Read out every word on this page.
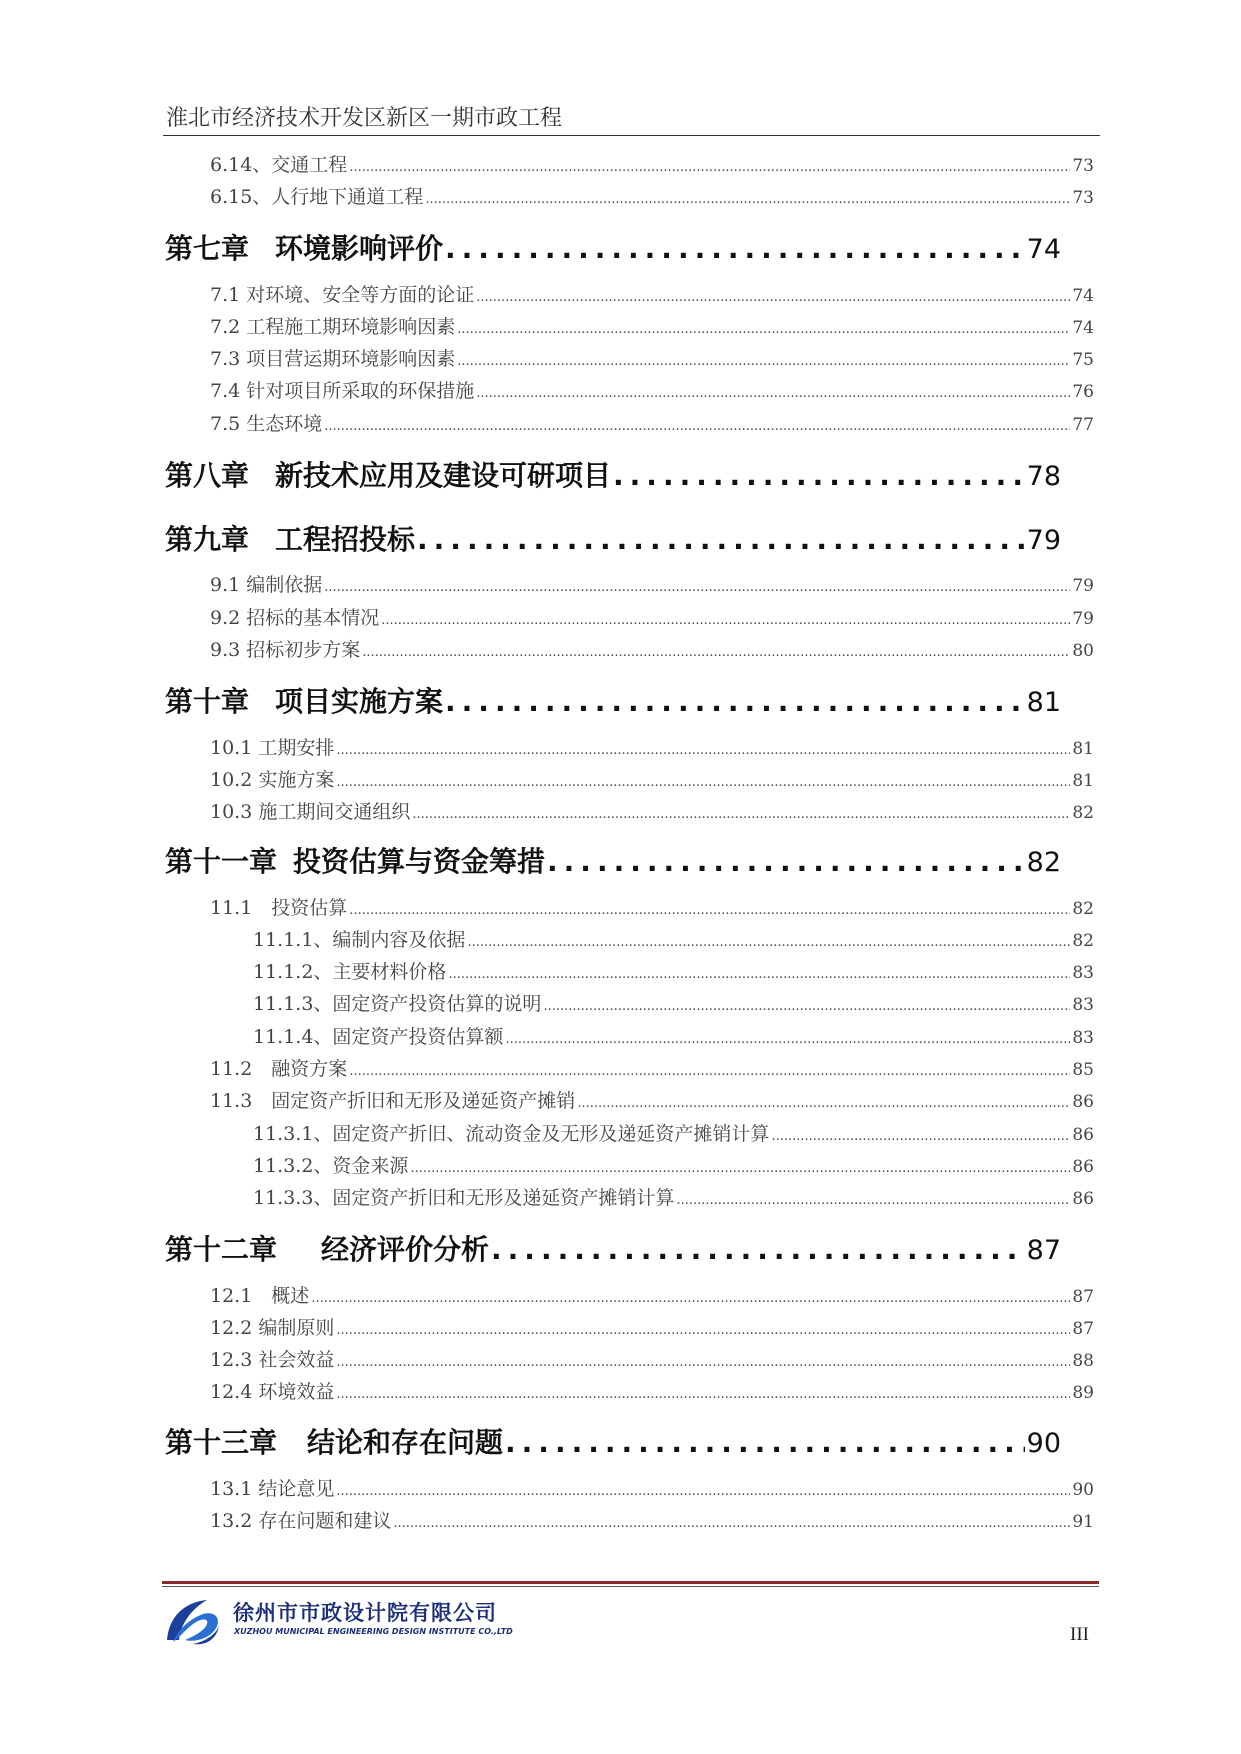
淮北市经济技术开发区新区一期市政工程
6.14、交通工程 .....	73
6.15、人行地下通道工程 .....	73
第七章 环境影响评价 .....	74
7.1 对环境、安全等方面的论证 .....	74
7.2 工程施工期环境影响因素 .....	74
7.3 项目营运期环境影响因素 .....	75
7.4 针对项目所采取的环保措施 .....	76
7.5 生态环境 .....	77
第八章 新技术应用及建设可研项目 .....	78
第九章 工程招投标 .....	79
9.1 编制依据 .....	79
9.2 招标的基本情况 .....	79
9.3 招标初步方案 .....	80
第十章 项目实施方案 .....	81
10.1 工期安排 .....	81
10.2 实施方案 .....	81
10.3 施工期间交通组织 .....	82
第十一章 投资估算与资金筹措 .....	82
11.1　投资估算 .....	82
11.1.1、编制内容及依据 .....	82
11.1.2、主要材料价格 .....	83
11.1.3、固定资产投资估算的说明 .....	83
11.1.4、固定资产投资估算额 .....	83
11.2　融资方案 .....	85
11.3　固定资产折旧和无形及递延资产摊销 .....	86
11.3.1、固定资产折旧、流动资金及无形及递延资产摊销计算 .....	86
11.3.2、资金来源 .....	86
11.3.3、固定资产折旧和无形及递延资产摊销计算 .....	86
第十二章 经济评价分析 .....	87
12.1　概述 .....	87
12.2 编制原则 .....	87
12.3 社会效益 .....	88
12.4 环境效益 .....	89
第十三章 结论和存在问题 .....	90
13.1 结论意见 .....	90
13.2 存在问题和建议 .....	91
徐州市市政设计院有限公司
XUZHOU MUNICIPAL ENGINEERING DESIGN INSTITUTE CO.,LTD	III
